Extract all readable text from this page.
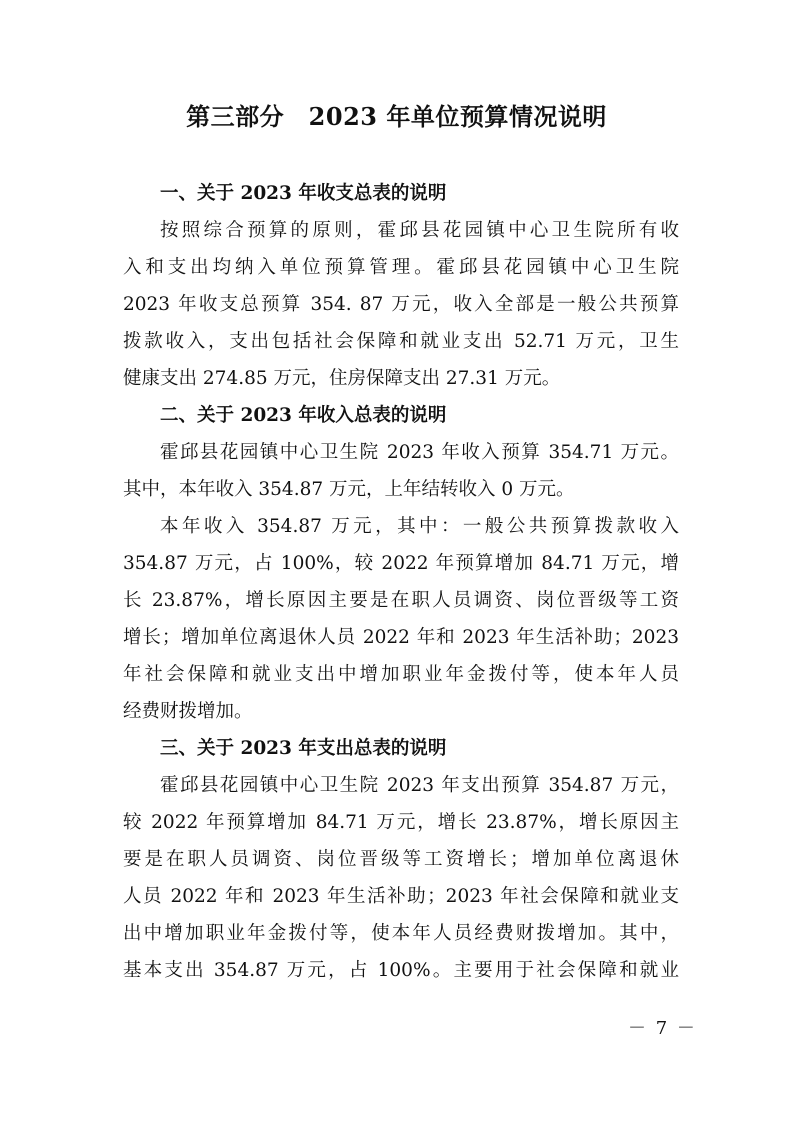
第三部分　2023 年单位预算情况说明
一、关于 2023 年收支总表的说明
按照综合预算的原则，霍邱县花园镇中心卫生院所有收
入和支出均纳入单位预算管理。霍邱县花园镇中心卫生院
2023 年收支总预算 354. 87 万元，收入全部是一般公共预算
拨款收入，支出包括社会保障和就业支出 52.71 万元，卫生
健康支出 274.85 万元，住房保障支出 27.31 万元。
二、关于 2023 年收入总表的说明
霍邱县花园镇中心卫生院 2023 年收入预算 354.71 万元。
其中，本年收入 354.87 万元，上年结转收入 0 万元。
本年收入 354.87 万元，其中：一般公共预算拨款收入
354.87 万元，占 100%，较 2022 年预算增加 84.71 万元，增
长 23.87%，增长原因主要是在职人员调资、岗位晋级等工资
增长；增加单位离退休人员 2022 年和 2023 年生活补助；2023
年社会保障和就业支出中增加职业年金拨付等，使本年人员
经费财拨增加。
三、关于 2023 年支出总表的说明
霍邱县花园镇中心卫生院 2023 年支出预算 354.87 万元，
较 2022 年预算增加 84.71 万元，增长 23.87%，增长原因主
要是在职人员调资、岗位晋级等工资增长；增加单位离退休
人员 2022 年和 2023 年生活补助；2023 年社会保障和就业支
出中增加职业年金拨付等，使本年人员经费财拨增加。其中，
基本支出 354.87 万元，占 100%。主要用于社会保障和就业
－ 7 －
